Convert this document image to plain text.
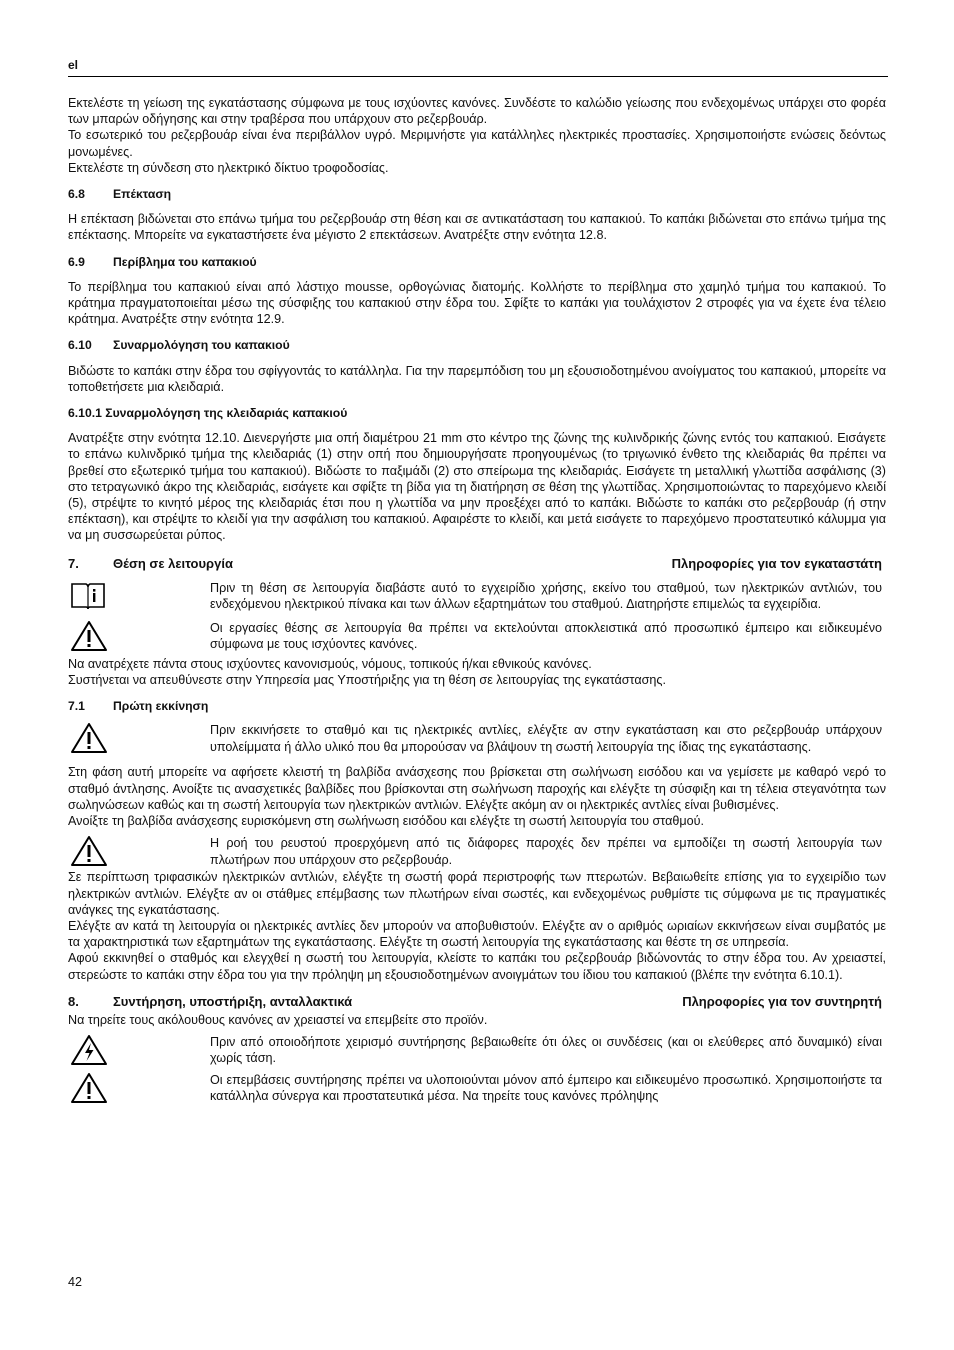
el

Εκτελέστε τη γείωση της εγκατάστασης σύμφωνα με τους ισχύοντες κανόνες. Συνδέστε το καλώδιο γείωσης που ενδεχομένως υπάρχει στο φορέα των μπαρών οδήγησης και στην τραβέρσα που υπάρχουν στο ρεζερβουάρ.

Το εσωτερικό του ρεζερβουάρ είναι ένα περιβάλλον υγρό. Μεριμνήστε για κατάλληλες ηλεκτρικές προστασίες. Χρησιμοποιήστε ενώσεις δεόντως μονωμένες.

Εκτελέστε τη σύνδεση στο ηλεκτρικό δίκτυο τροφοδοσίας.

6.8	Επέκταση

Η επέκταση βιδώνεται στο επάνω τμήμα του ρεζερβουάρ στη θέση και σε αντικατάσταση του καπακιού. Το καπάκι βιδώνεται στο επάνω τμήμα της επέκτασης. Μπορείτε να εγκαταστήσετε ένα μέγιστο 2 επεκτάσεων. Ανατρέξτε στην ενότητα 12.8.

6.9	Περίβλημα του καπακιού

Το περίβλημα του καπακιού είναι από λάστιχο mousse, ορθογώνιας διατομής. Κολλήστε το περίβλημα στο χαμηλό τμήμα του καπακιού. Το κράτημα πραγματοποιείται μέσω της σύσφιξης του καπακιού στην έδρα του. Σφίξτε το καπάκι για τουλάχιστον 2 στροφές για να έχετε ένα τέλειο κράτημα. Ανατρέξτε στην ενότητα 12.9.

6.10	Συναρμολόγηση του καπακιού

Βιδώστε το καπάκι στην έδρα του σφίγγοντάς το κατάλληλα. Για την παρεμπόδιση του μη εξουσιοδοτημένου ανοίγματος του καπακιού, μπορείτε να τοποθετήσετε μια κλειδαριά.

6.10.1 Συναρμολόγηση της κλειδαριάς καπακιού

Ανατρέξτε στην ενότητα 12.10. Διενεργήστε μια οπή διαμέτρου 21 mm στο κέντρο της ζώνης της κυλινδρικής ζώνης εντός του καπακιού. Εισάγετε το επάνω κυλινδρικό τμήμα της κλειδαριάς (1) στην οπή που δημιουργήσατε προηγουμένως (το τριγωνικό ένθετο της κλειδαριάς θα πρέπει να βρεθεί στο εξωτερικό τμήμα του καπακιού). Βιδώστε το παξιμάδι (2) στο σπείρωμα της κλειδαριάς. Εισάγετε τη μεταλλική γλωττίδα ασφάλισης (3) στο τετραγωνικό άκρο της κλειδαριάς, εισάγετε και σφίξτε τη βίδα για τη διατήρηση σε θέση της γλωττίδας. Χρησιμοποιώντας το παρεχόμενο κλειδί (5), στρέψτε το κινητό μέρος της κλειδαριάς έτσι που η γλωττίδα να μην προεξέχει από το καπάκι. Βιδώστε το καπάκι στο ρεζερβουάρ (ή στην επέκταση), και στρέψτε το κλειδί για την ασφάλιση του καπακιού. Αφαιρέστε το κλειδί, και μετά εισάγετε το παρεχόμενο προστατευτικό κάλυμμα για να μη συσσωρεύεται ρύπος.

7.	Θέση σε λειτουργία	Πληροφορίες για τον εγκαταστάτη
Πριν τη θέση σε λειτουργία διαβάστε αυτό το εγχειρίδιο χρήσης, εκείνο του σταθμού, των ηλεκτρικών αντλιών, του ενδεχόμενου ηλεκτρικού πίνακα και των άλλων εξαρτημάτων του σταθμού. Διατηρήστε επιμελώς τα εγχειρίδια.
Οι εργασίες θέσης σε λειτουργία θα πρέπει να εκτελούνται αποκλειστικά από προσωπικό έμπειρο και ειδικευμένο σύμφωνα με τους ισχύοντες κανόνες.

Να ανατρέχετε πάντα στους ισχύοντες κανονισμούς, νόμους, τοπικούς ή/και εθνικούς κανόνες.

Συστήνεται να απευθύνεστε στην Υπηρεσία μας Υποστήριξης για τη θέση σε λειτουργίας της εγκατάστασης.

7.1	Πρώτη εκκίνηση
Πριν εκκινήσετε το σταθμό και τις ηλεκτρικές αντλίες, ελέγξτε αν στην εγκατάσταση και στο ρεζερβουάρ υπάρχουν υπολείμματα ή άλλο υλικό που θα μπορούσαν να βλάψουν τη σωστή λειτουργία της ίδιας της εγκατάστασης.

Στη φάση αυτή μπορείτε να αφήσετε κλειστή τη βαλβίδα ανάσχεσης που βρίσκεται στη σωλήνωση εισόδου και να γεμίσετε με καθαρό νερό το σταθμό άντλησης. Ανοίξτε τις ανασχετικές βαλβίδες που βρίσκονται στη σωλήνωση παροχής και ελέγξτε τη σύσφιξη και τη τέλεια στεγανότητα των σωληνώσεων καθώς και τη σωστή λειτουργία των ηλεκτρικών αντλιών. Ελέγξτε ακόμη αν οι ηλεκτρικές αντλίες είναι βυθισμένες.

Ανοίξτε τη βαλβίδα ανάσχεσης ευρισκόμενη στη σωλήνωση εισόδου και ελέγξτε τη σωστή λειτουργία του σταθμού.

Η ροή του ρευστού προερχόμενη από τις διάφορες παροχές δεν πρέπει να εμποδίζει τη σωστή λειτουργία των πλωτήρων που υπάρχουν στο ρεζερβουάρ.

Σε περίπτωση τριφασικών ηλεκτρικών αντλιών, ελέγξτε τη σωστή φορά περιστροφής των πτερωτών. Βεβαιωθείτε επίσης για το εγχειρίδιο των ηλεκτρικών αντλιών. Ελέγξτε αν οι στάθμες επέμβασης των πλωτήρων είναι σωστές, και ενδεχομένως ρυθμίστε τις σύμφωνα με τις πραγματικές ανάγκες της εγκατάστασης.

Ελέγξτε αν κατά τη λειτουργία οι ηλεκτρικές αντλίες δεν μπορούν να αποβυθιστούν. Ελέγξτε αν ο αριθμός ωριαίων εκκινήσεων είναι συμβατός με τα χαρακτηριστικά των εξαρτημάτων της εγκατάστασης. Ελέγξτε τη σωστή λειτουργία της εγκατάστασης και θέστε τη σε υπηρεσία.

Αφού εκκινηθεί ο σταθμός και ελεγχθεί η σωστή του λειτουργία, κλείστε το καπάκι του ρεζερβουάρ βιδώνοντάς το στην έδρα του. Αν χρειαστεί, στερεώστε το καπάκι στην έδρα του για την πρόληψη μη εξουσιοδοτημένων ανοιγμάτων του ίδιου του καπακιού (βλέπε την ενότητα 6.10.1).

8.	Συντήρηση, υποστήριξη, ανταλλακτικά	Πληροφορίες για τον συντηρητή

Να τηρείτε τους ακόλουθους κανόνες αν χρειαστεί να επεμβείτε στο προϊόν.

Πριν από οποιοδήποτε χειρισμό συντήρησης βεβαιωθείτε ότι όλες οι συνδέσεις (και οι ελεύθερες από δυναμικό) είναι χωρίς τάση.
Οι επεμβάσεις συντήρησης πρέπει να υλοποιούνται μόνον από έμπειρο και ειδικευμένο προσωπικό. Χρησιμοποιήστε τα κατάλληλα σύνεργα και προστατευτικά μέσα. Να τηρείτε τους κανόνες πρόληψης
42
